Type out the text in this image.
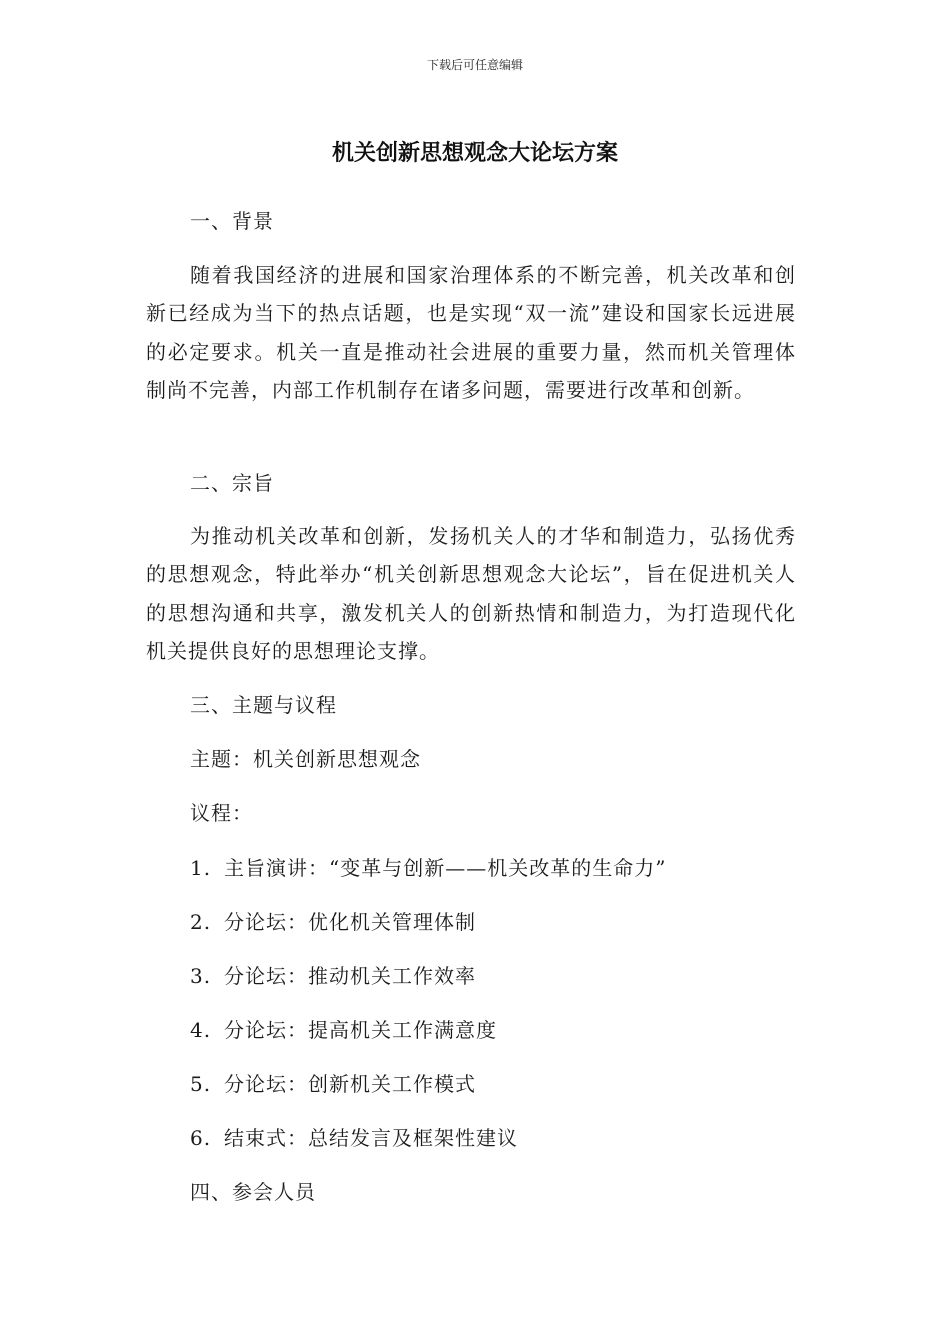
下载后可任意编辑
机关创新思想观念大论坛方案
一、背景
随着我国经济的进展和国家治理体系的不断完善，机关改革和创新已经成为当下的热点话题，也是实现“双一流”建设和国家长远进展的必定要求。机关一直是推动社会进展的重要力量，然而机关管理体制尚不完善，内部工作机制存在诸多问题，需要进行改革和创新。
二、宗旨
为推动机关改革和创新，发扬机关人的才华和制造力，弘扬优秀的思想观念，特此举办“机关创新思想观念大论坛”，旨在促进机关人的思想沟通和共享，激发机关人的创新热情和制造力，为打造现代化机关提供良好的思想理论支撑。
三、主题与议程
主题：机关创新思想观念
议程：
1. 主旨演讲：“变革与创新——机关改革的生命力”
2. 分论坛：优化机关管理体制
3. 分论坛：推动机关工作效率
4. 分论坛：提高机关工作满意度
5. 分论坛：创新机关工作模式
6. 结束式：总结发言及框架性建议
四、参会人员
